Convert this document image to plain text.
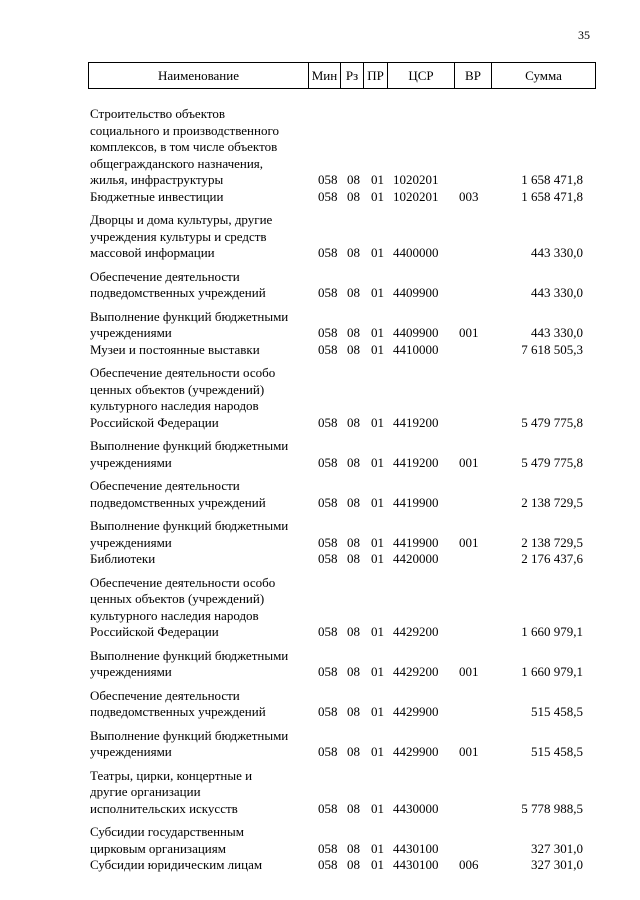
35
Наименование	Мин	Рз	ПР	ЦСР	ВР	Сумма
Строительство объектов
социального и производственного
комплексов, в том числе объектов
общегражданского назначения,
жилья, инфраструктуры	058 08 01 1020201	1 658 471,8
Бюджетные инвестиции	058 08 01 1020201 003	1 658 471,8
Дворцы и дома культуры, другие
учреждения культуры и средств
массовой информации	058 08 01 4400000	443 330,0
Обеспечение деятельности
подведомственных учреждений	058 08 01 4409900	443 330,0
Выполнение функций бюджетными
учреждениями	058 08 01 4409900 001	443 330,0
Музеи и постоянные выставки	058 08 01 4410000	7 618 505,3
Обеспечение деятельности особо
ценных объектов (учреждений)
культурного наследия народов
Российской Федерации	058 08 01 4419200	5 479 775,8
Выполнение функций бюджетными
учреждениями	058 08 01 4419200 001	5 479 775,8
Обеспечение деятельности
подведомственных учреждений	058 08 01 4419900	2 138 729,5
Выполнение функций бюджетными
учреждениями	058 08 01 4419900 001	2 138 729,5
Библиотеки	058 08 01 4420000	2 176 437,6
Обеспечение деятельности особо
ценных объектов (учреждений)
культурного наследия народов
Российской Федерации	058 08 01 4429200	1 660 979,1
Выполнение функций бюджетными
учреждениями	058 08 01 4429200 001	1 660 979,1
Обеспечение деятельности
подведомственных учреждений	058 08 01 4429900	515 458,5
Выполнение функций бюджетными
учреждениями	058 08 01 4429900 001	515 458,5
Театры, цирки, концертные и
другие организации
исполнительских искусств	058 08 01 4430000	5 778 988,5
Субсидии государственным
цирковым организациям	058 08 01 4430100	327 301,0
Субсидии юридическим лицам	058 08 01 4430100 006	327 301,0
